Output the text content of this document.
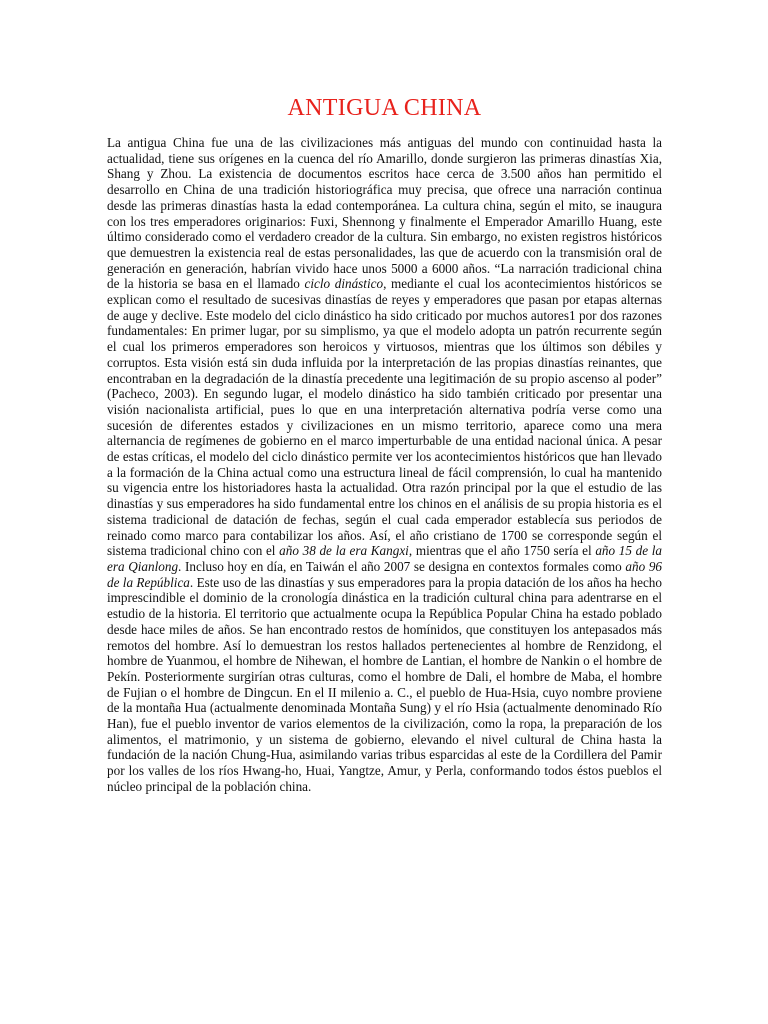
ANTIGUA CHINA

La antigua China fue una de las civilizaciones más antiguas del mundo con continuidad hasta la actualidad, tiene sus orígenes en la cuenca del río Amarillo, donde surgieron las primeras dinastías Xia, Shang y Zhou. La existencia de documentos escritos hace cerca de 3.500 años han permitido el desarrollo en China de una tradición historiográfica muy precisa, que ofrece una narración continua desde las primeras dinastías hasta la edad contemporánea. La cultura china, según el mito, se inaugura con los tres emperadores originarios: Fuxi, Shennong y finalmente el Emperador Amarillo Huang, este último considerado como el verdadero creador de la cultura. Sin embargo, no existen registros históricos que demuestren la existencia real de estas personalidades, las que de acuerdo con la transmisión oral de generación en generación, habrían vivido hace unos 5000 a 6000 años. “La narración tradicional china de la historia se basa en el llamado ciclo dinástico, mediante el cual los acontecimientos históricos se explican como el resultado de sucesivas dinastías de reyes y emperadores que pasan por etapas alternas de auge y declive. Este modelo del ciclo dinástico ha sido criticado por muchos autores1 por dos razones fundamentales: En primer lugar, por su simplismo, ya que el modelo adopta un patrón recurrente según el cual los primeros emperadores son heroicos y virtuosos, mientras que los últimos son débiles y corruptos. Esta visión está sin duda influida por la interpretación de las propias dinastías reinantes, que encontraban en la degradación de la dinastía precedente una legitimación de su propio ascenso al poder” (Pacheco, 2003). En segundo lugar, el modelo dinástico ha sido también criticado por presentar una visión nacionalista artificial, pues lo que en una interpretación alternativa podría verse como una sucesión de diferentes estados y civilizaciones en un mismo territorio, aparece como una mera alternancia de regímenes de gobierno en el marco imperturbable de una entidad nacional única. A pesar de estas críticas, el modelo del ciclo dinástico permite ver los acontecimientos históricos que han llevado a la formación de la China actual como una estructura lineal de fácil comprensión, lo cual ha mantenido su vigencia entre los historiadores hasta la actualidad. Otra razón principal por la que el estudio de las dinastías y sus emperadores ha sido fundamental entre los chinos en el análisis de su propia historia es el sistema tradicional de datación de fechas, según el cual cada emperador establecía sus periodos de reinado como marco para contabilizar los años. Así, el año cristiano de 1700 se corresponde según el sistema tradicional chino con el año 38 de la era Kangxi, mientras que el año 1750 sería el año 15 de la era Qianlong. Incluso hoy en día, en Taiwán el año 2007 se designa en contextos formales como año 96 de la República. Este uso de las dinastías y sus emperadores para la propia datación de los años ha hecho imprescindible el dominio de la cronología dinástica en la tradición cultural china para adentrarse en el estudio de la historia. El territorio que actualmente ocupa la República Popular China ha estado poblado desde hace miles de años. Se han encontrado restos de homínidos, que constituyen los antepasados más remotos del hombre. Así lo demuestran los restos hallados pertenecientes al hombre de Renzidong, el hombre de Yuanmou, el hombre de Nihewan, el hombre de Lantian, el hombre de Nankin o el hombre de Pekín. Posteriormente surgirían otras culturas, como el hombre de Dali, el hombre de Maba, el hombre de Fujian o el hombre de Dingcun. En el II milenio a. C., el pueblo de Hua-Hsia, cuyo nombre proviene de la montaña Hua (actualmente denominada Montaña Sung) y el río Hsia (actualmente denominado Río Han), fue el pueblo inventor de varios elementos de la civilización, como la ropa, la preparación de los alimentos, el matrimonio, y un sistema de gobierno, elevando el nivel cultural de China hasta la fundación de la nación Chung-Hua, asimilando varias tribus esparcidas al este de la Cordillera del Pamir por los valles de los ríos Hwang-ho, Huai, Yangtze, Amur, y Perla, conformando todos éstos pueblos el núcleo principal de la población china.
